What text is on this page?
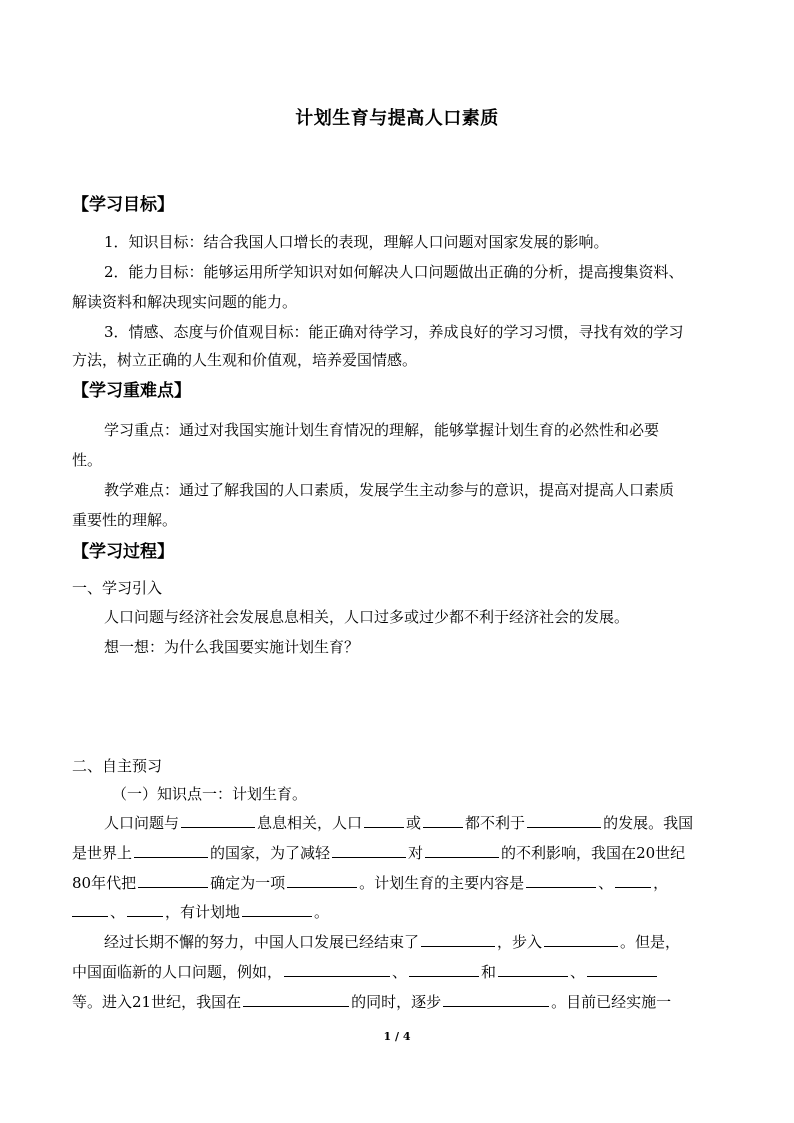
计划生育与提高人口素质
【学习目标】
1．知识目标：结合我国人口增长的表现，理解人口问题对国家发展的影响。
2．能力目标：能够运用所学知识对如何解决人口问题做出正确的分析，提高搜集资料、
解读资料和解决现实问题的能力。
3．情感、态度与价值观目标：能正确对待学习，养成良好的学习习惯，寻找有效的学习
方法，树立正确的人生观和价值观，培养爱国情感。
【学习重难点】
学习重点：通过对我国实施计划生育情况的理解，能够掌握计划生育的必然性和必要
性。
教学难点：通过了解我国的人口素质，发展学生主动参与的意识，提高对提高人口素质
重要性的理解。
【学习过程】
一、学习引入
人口问题与经济社会发展息息相关，人口过多或过少都不利于经济社会的发展。
想一想：为什么我国要实施计划生育？
二、自主预习
（一）知识点一：计划生育。
人口问题与	息息相关，人口	或	都不利于	的发展。我国
是世界上	的国家，为了减轻	对	的不利影响，我国在20世纪
80年代把	确定为一项	。计划生育的主要内容是	、	，
、	，有计划地	。
经过长期不懈的努力，中国人口发展已经结束了	，步入	。但是，
中国面临新的人口问题，例如，	、	和	、
等。进入21世纪，我国在	的同时，逐步	。目前已经实施一
1 / 4
